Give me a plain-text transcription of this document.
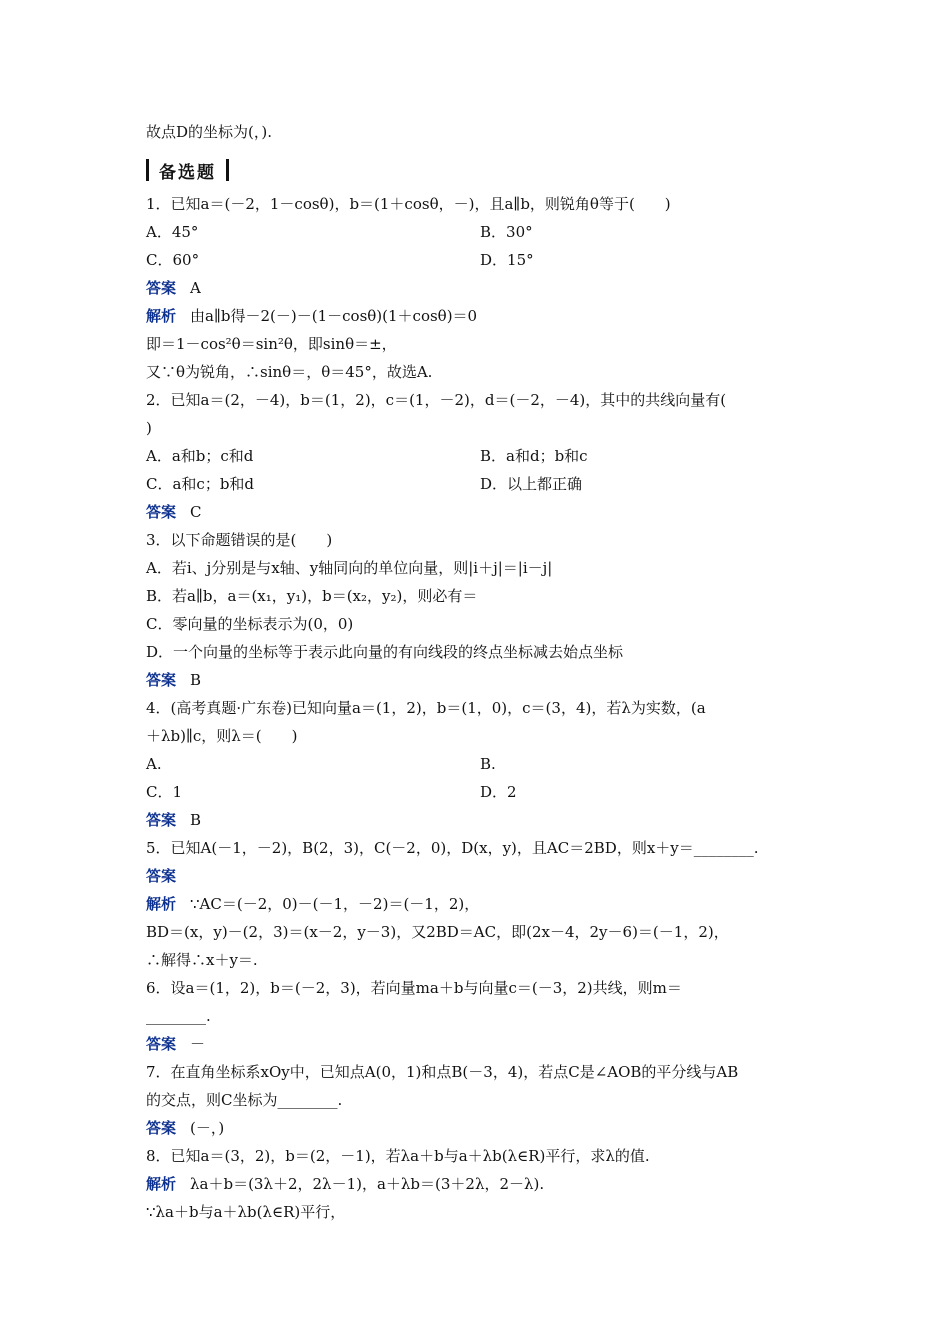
故点D的坐标为(，).
备选题
1．已知a＝(－2，1－cosθ)，b＝(1＋cosθ，－)，且a∥b，则锐角θ等于(　　)
A．45°	B．30°
C．60°	D．15°
答案 A
解析 由a∥b得－2(－)－(1－cosθ)(1＋cosθ)＝0
即＝1－cos²θ＝sin²θ，即sinθ＝±，
又∵θ为锐角，∴sinθ＝，θ＝45°，故选A.
2．已知a＝(2，－4)，b＝(1，2)，c＝(1，－2)，d＝(－2，－4)，其中的共线向量有(
)
A．a和b；c和d	B．a和d；b和c
C．a和c；b和d	D．以上都正确
答案 C
3．以下命题错误的是(　　)
A．若i、j分别是与x轴、y轴同向的单位向量，则|i＋j|＝|i－j|
B．若a∥b，a＝(x₁，y₁)，b＝(x₂，y₂)，则必有＝
C．零向量的坐标表示为(0，0)
D．一个向量的坐标等于表示此向量的有向线段的终点坐标减去始点坐标
答案 B
4．(高考真题·广东卷)已知向量a＝(1，2)，b＝(1，0)，c＝(3，4)，若λ为实数，(a
＋λb)∥c，则λ＝(　　)
A.	B.
C．1	D．2
答案 B
5．已知A(－1，－2)，B(2，3)，C(－2，0)，D(x，y)，且AC＝2BD，则x＋y＝________.
答案
解析 ∵AC＝(－2，0)－(－1，－2)＝(－1，2)，
BD＝(x，y)－(2，3)＝(x－2，y－3)，又2BD＝AC，即(2x－4，2y－6)＝(－1，2)，
∴解得∴x＋y＝.
6．设a＝(1，2)，b＝(－2，3)，若向量ma＋b与向量c＝(－3，2)共线，则m＝
________.
答案 －
7．在直角坐标系xOy中，已知点A(0，1)和点B(－3，4)，若点C是∠AOB的平分线与AB
的交点，则C坐标为________.
答案 (－，)
8．已知a＝(3，2)，b＝(2，－1)，若λa＋b与a＋λb(λ∈R)平行，求λ的值.
解析 λa＋b＝(3λ＋2，2λ－1)，a＋λb＝(3＋2λ，2－λ).
∵λa＋b与a＋λb(λ∈R)平行，
